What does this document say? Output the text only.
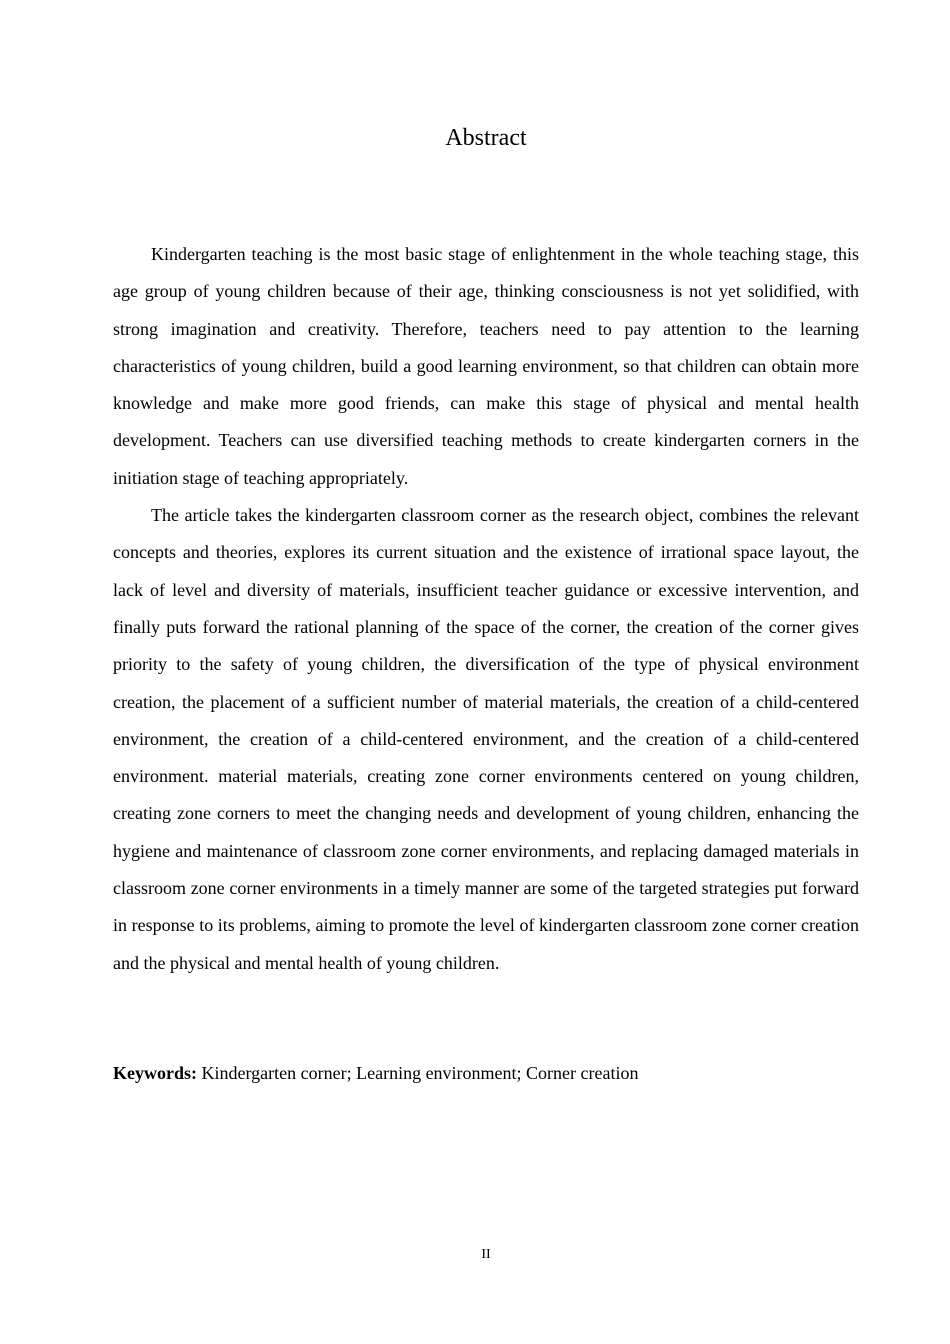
Abstract

Kindergarten teaching is the most basic stage of enlightenment in the whole teaching stage, this age group of young children because of their age, thinking consciousness is not yet solidified, with strong imagination and creativity. Therefore, teachers need to pay attention to the learning characteristics of young children, build a good learning environment, so that children can obtain more knowledge and make more good friends, can make this stage of physical and mental health development. Teachers can use diversified teaching methods to create kindergarten corners in the initiation stage of teaching appropriately.

The article takes the kindergarten classroom corner as the research object, combines the relevant concepts and theories, explores its current situation and the existence of irrational space layout, the lack of level and diversity of materials, insufficient teacher guidance or excessive intervention, and finally puts forward the rational planning of the space of the corner, the creation of the corner gives priority to the safety of young children, the diversification of the type of physical environment creation, the placement of a sufficient number of material materials, the creation of a child-centered environment, the creation of a child-centered environment, and the creation of a child-centered environment. material materials, creating zone corner environments centered on young children, creating zone corners to meet the changing needs and development of young children, enhancing the hygiene and maintenance of classroom zone corner environments, and replacing damaged materials in classroom zone corner environments in a timely manner are some of the targeted strategies put forward in response to its problems, aiming to promote the level of kindergarten classroom zone corner creation and the physical and mental health of young children.

Keywords: Kindergarten corner; Learning environment; Corner creation
II
